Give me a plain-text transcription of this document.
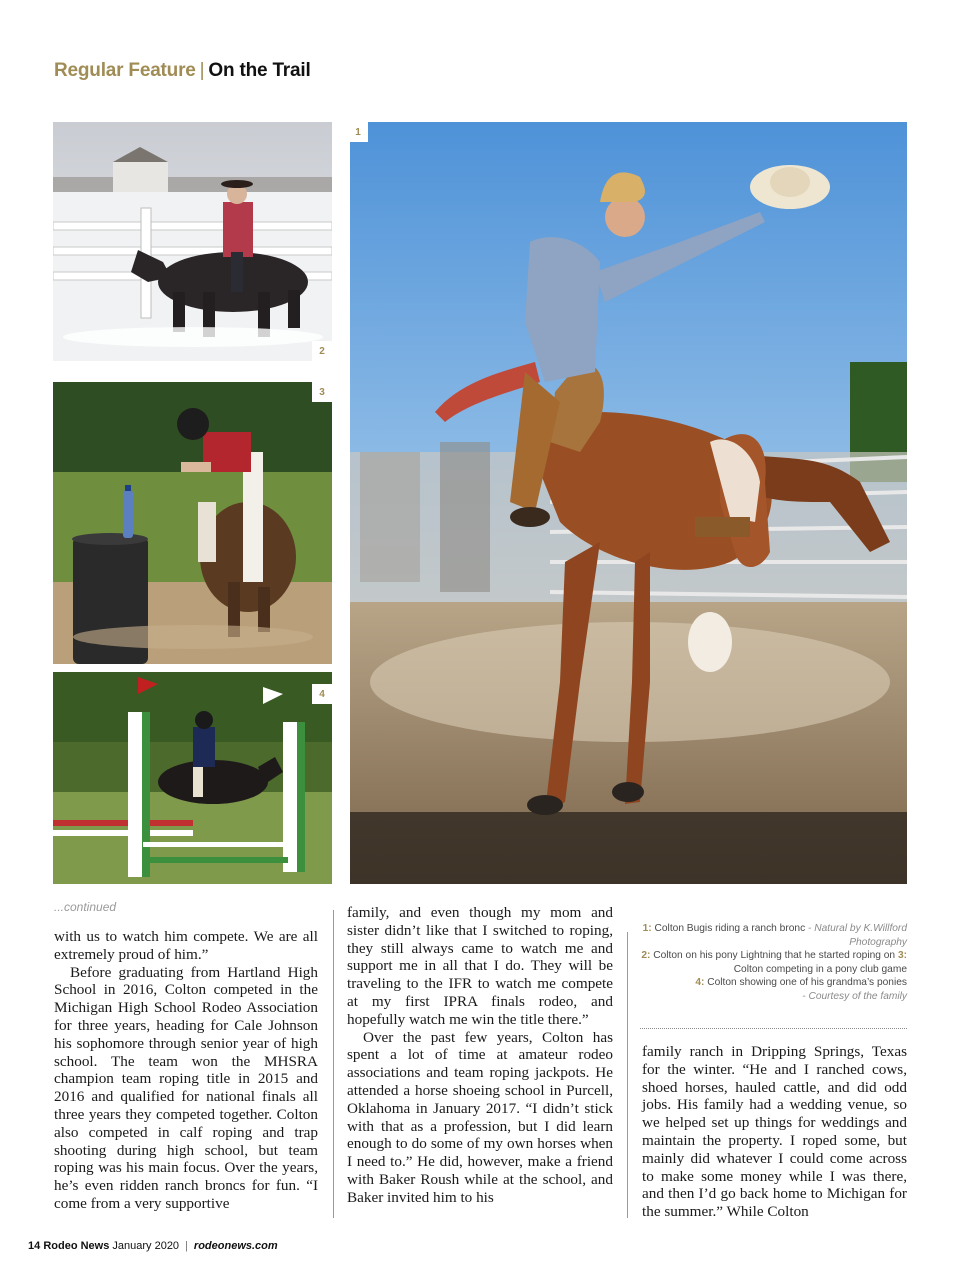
Regular Feature | On the Trail
2
3
4
1
...continued

with us to watch him compete. We are all extremely proud of him.”

Before graduating from Hartland High School in 2016, Colton competed in the Michigan High School Rodeo Association for three years, heading for Cale Johnson his sophomore through senior year of high school. The team won the MHSRA champion team roping title in 2015 and 2016 and qualified for national finals all three years they competed together. Colton also competed in calf roping and trap shooting during high school, but team roping was his main focus. Over the years, he’s even ridden ranch broncs for fun. “I come from a very supportive

family, and even though my mom and sister didn’t like that I switched to roping, they still always came to watch me and support me in all that I do. They will be traveling to the IFR to watch me compete at my first IPRA finals rodeo, and hopefully watch me win the title there.”

Over the past few years, Colton has spent a lot of time at amateur rodeo associations and team roping jackpots. He attended a horse shoeing school in Purcell, Oklahoma in January 2017. “I didn’t stick with that as a profession, but I did learn enough to do some of my own horses when I need to.” He did, however, make a friend with Baker Roush while at the school, and Baker invited him to his

1: Colton Bugis riding a ranch bronc - Natural by K.Willford Photography
2: Colton on his pony Lightning that he started roping on 3: Colton competing in a pony club game
4: Colton showing one of his grandma’s ponies
- Courtesy of the family

family ranch in Dripping Springs, Texas for the winter. “He and I ranched cows, shoed horses, hauled cattle, and did odd jobs. His family had a wedding venue, so we helped set up things for weddings and maintain the property. I roped some, but mainly did whatever I could come across to make some money while I was there, and then I’d go back home to Michigan for the summer.” While Colton

14 Rodeo News January 2020 | rodeonews.com
